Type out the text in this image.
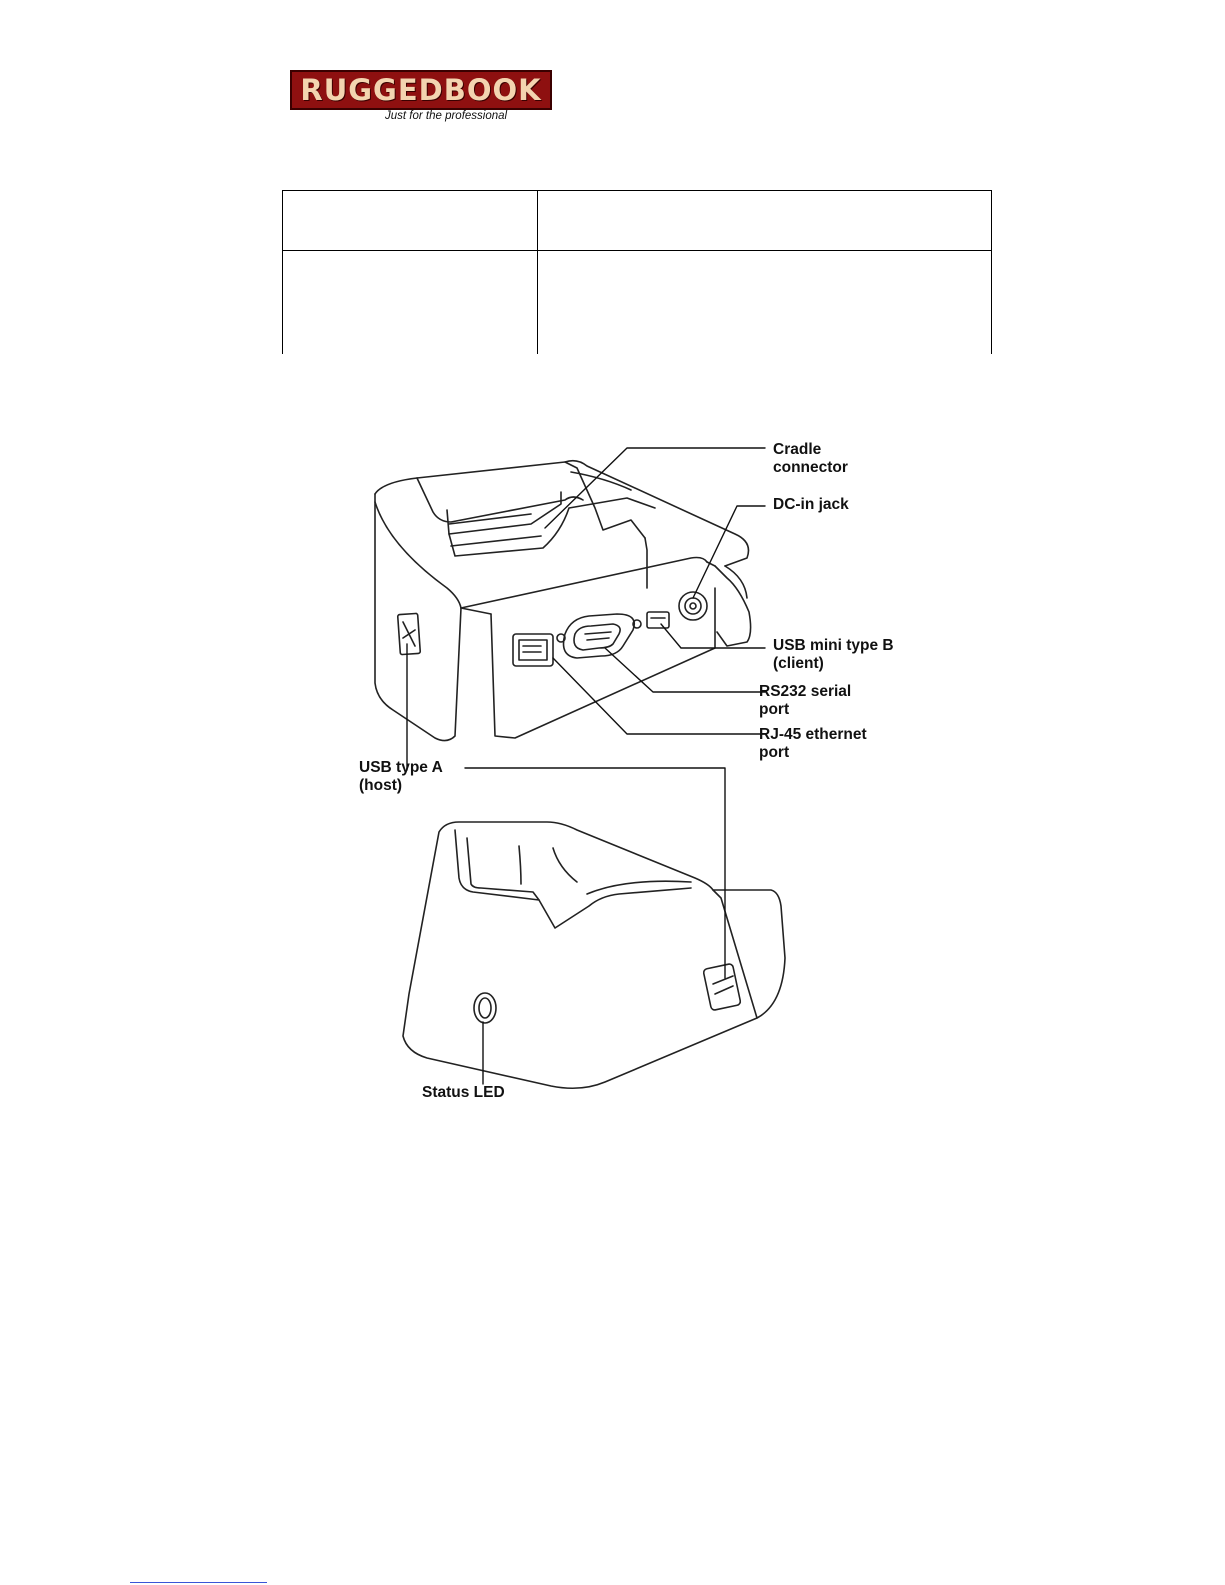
RUGGEDBOOK
Just for the professional
Cradle
connector
DC-in jack
USB mini type B
(client)
RS232 serial
port
RJ-45 ethernet
port
USB type A
(host)
Status LED
